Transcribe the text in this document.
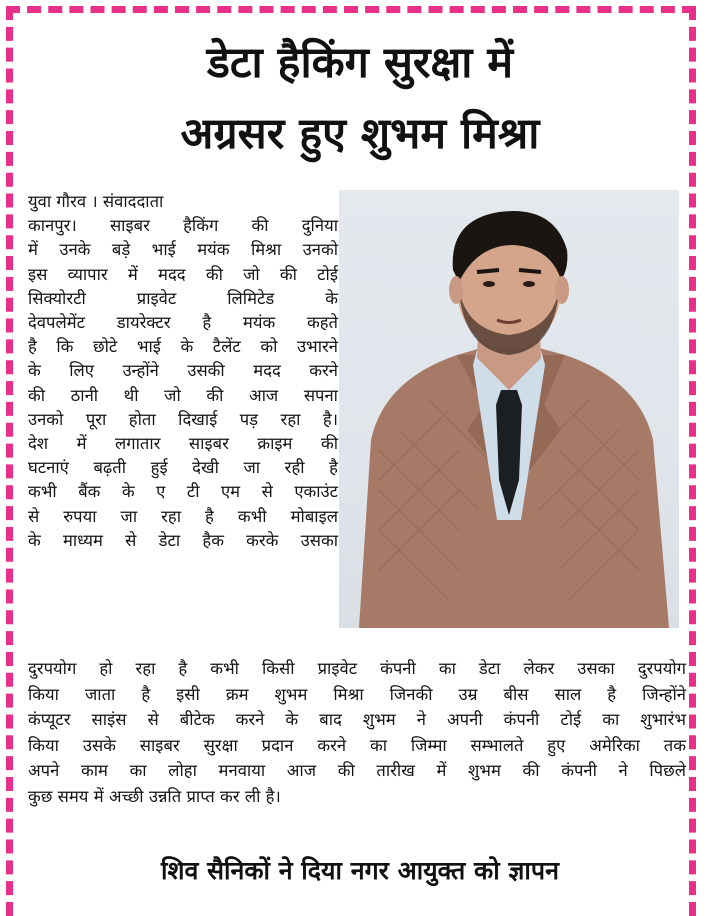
डेटा हैकिंग सुरक्षा में
अग्रसर हुए शुभम मिश्रा
युवा गौरव । संवाददाता
कानपुर। साइबर हैकिंग की दुनिया
में उनके बड़े भाई मयंक मिश्रा उनको
इस व्यापार में मदद की जो की टोई
सिक्योरटी प्राइवेट लिमिटेड के
देवपलेमेंट डायरेक्टर है मयंक कहते
है कि छोटे भाई के टैलेंट को उभारने
के लिए उन्होंने उसकी मदद करने
की ठानी थी जो की आज सपना
उनको पूरा होता दिखाई पड़ रहा है।
देश में लगातार साइबर क्राइम की
घटनाएं बढ़ती हुई देखी जा रही है
कभी बैंक के ए टी एम से एकाउंट
से रुपया जा रहा है कभी मोबाइल
के माध्यम से डेटा हैक करके उसका
दुरपयोग हो रहा है कभी किसी प्राइवेट कंपनी का डेटा लेकर उसका दुरपयोग
किया जाता है इसी क्रम शुभम मिश्रा जिनकी उम्र बीस साल है जिन्होंने
कंप्यूटर साइंस से बीटेक करने के बाद शुभम ने अपनी कंपनी टोई का शुभारंभ
किया उसके साइबर सुरक्षा प्रदान करने का जिम्मा सम्भालते हुए अमेरिका तक
अपने काम का लोहा मनवाया आज की तारीख में शुभम की कंपनी ने पिछले
कुछ समय में अच्छी उन्नति प्राप्त कर ली है।
शिव सैनिकों ने दिया नगर आयुक्त को ज्ञापन
